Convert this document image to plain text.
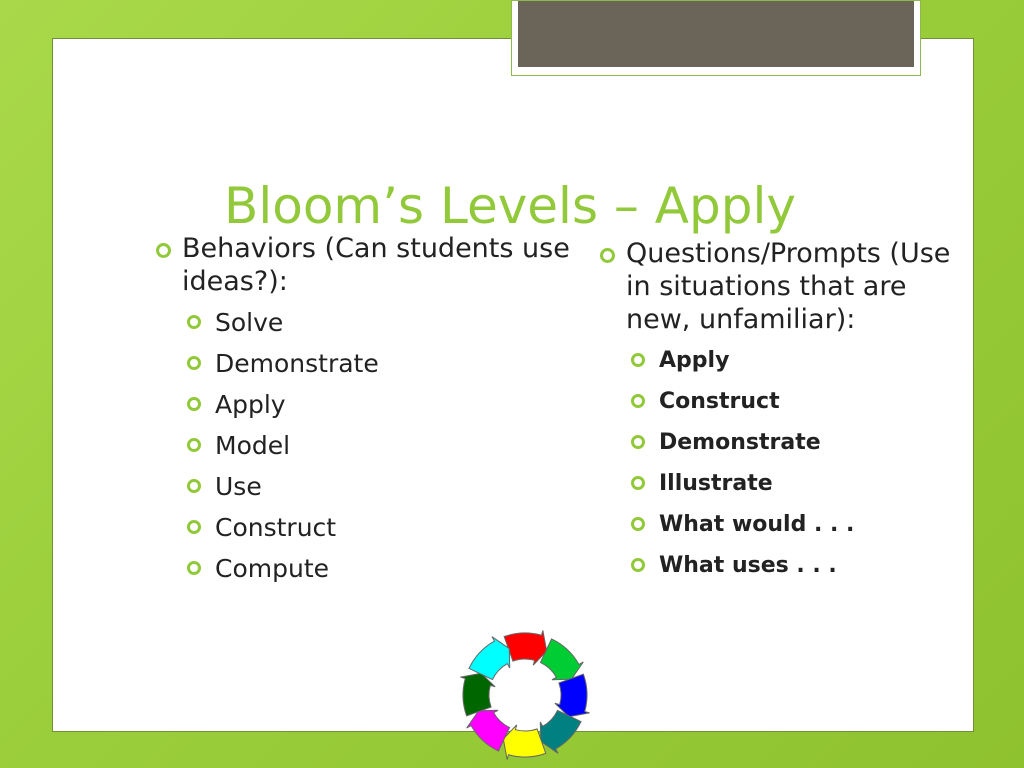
Bloom’s Levels – Apply
Behaviors (Can students use ideas?):
Solve
Demonstrate
Apply
Model
Use
Construct
Compute
Questions/Prompts (Use in situations that are new, unfamiliar):
Apply
Construct
Demonstrate
Illustrate
What would . . .
What uses . . .
